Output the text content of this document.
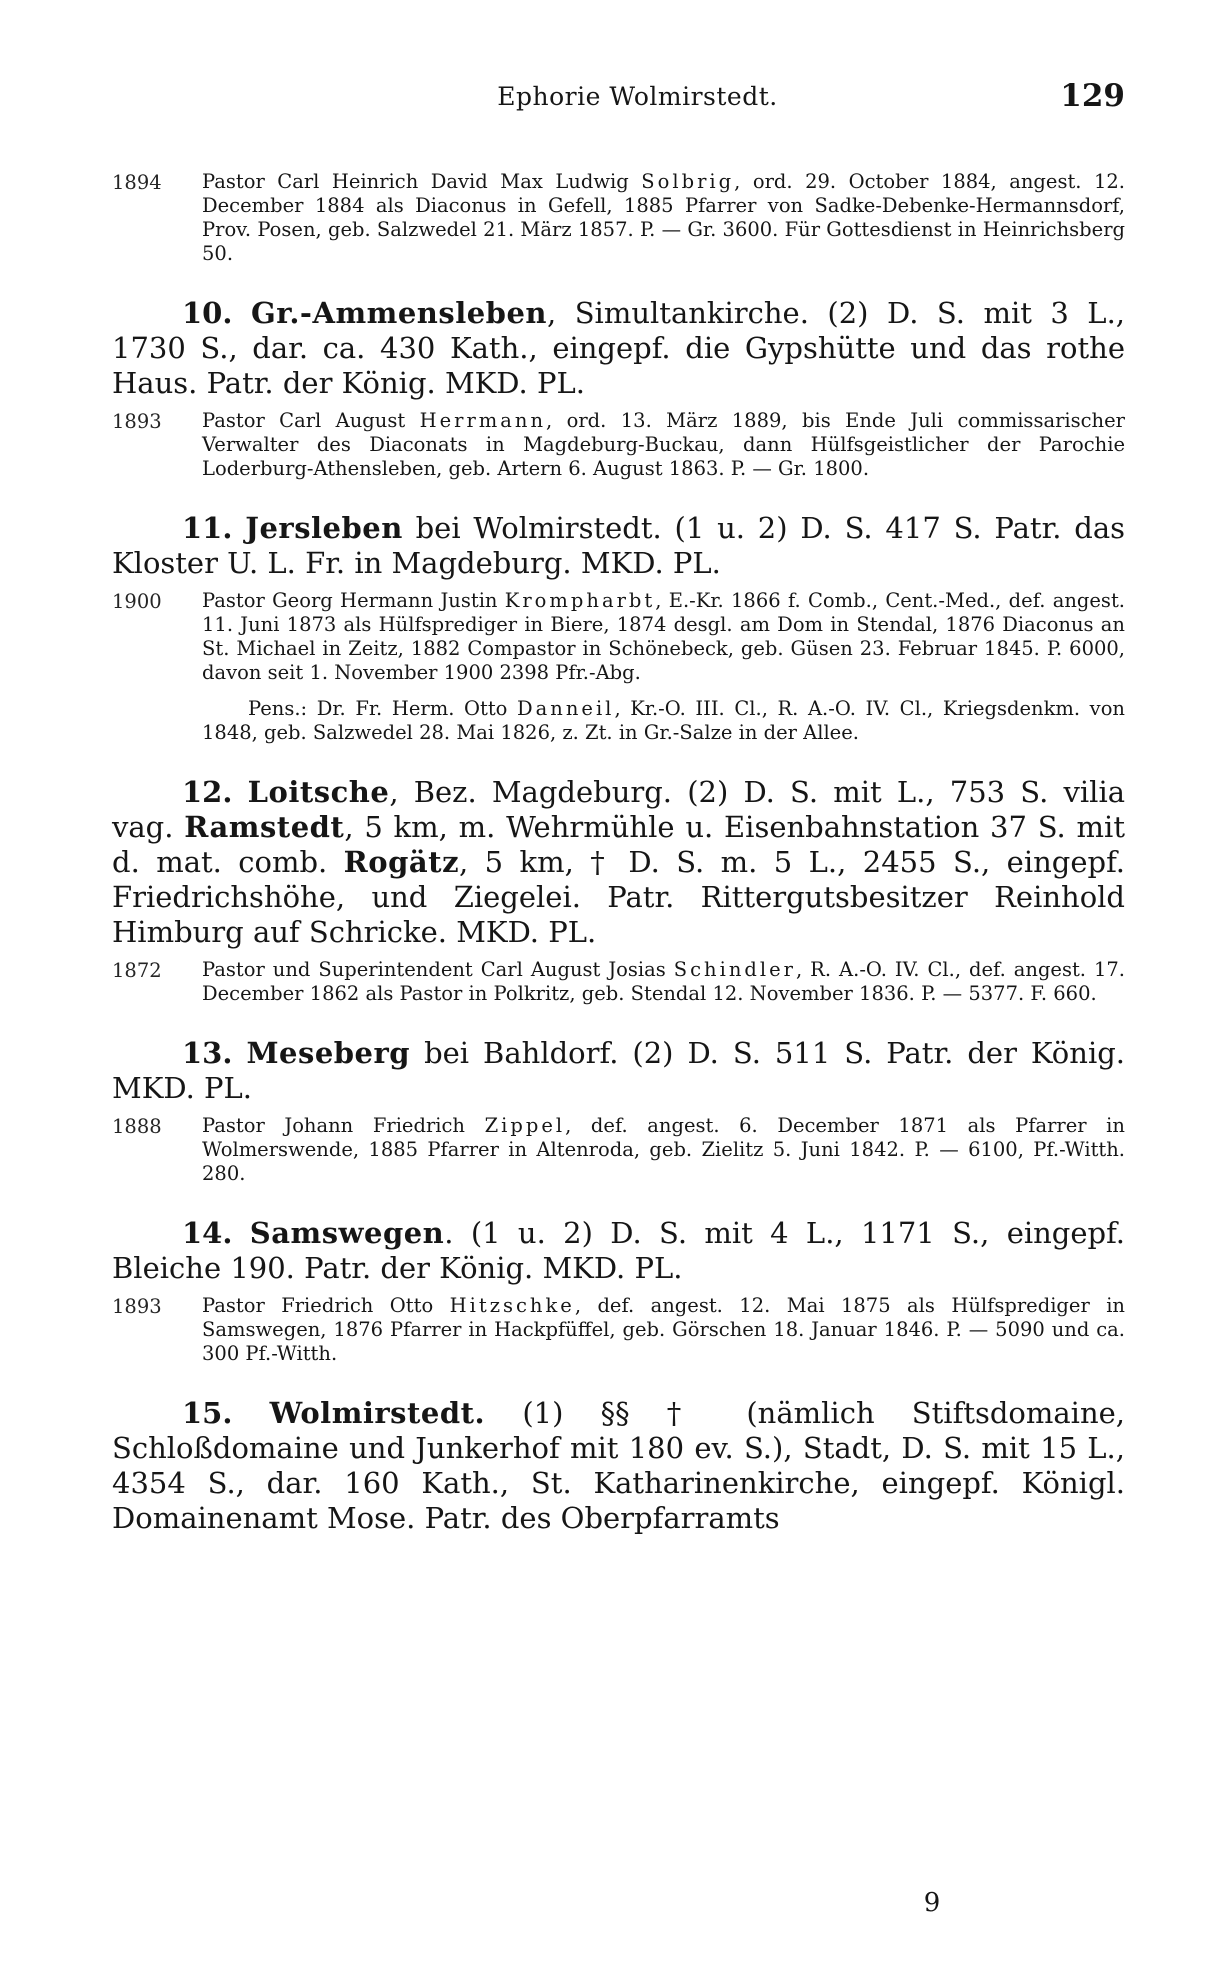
Ephorie Wolmirstedt.	129
1894	Pastor Carl Heinrich David Max Ludwig Solbrig, ord. 29. October 1884, angest. 12. December 1884 als Diaconus in Gefell, 1885 Pfarrer von Sadke-Debenke-Hermannsdorf, Prov. Posen, geb. Salzwedel 21. März 1857. P. — Gr. 3600. Für Gottesdienst in Heinrichsberg 50.
10. Gr.-Ammensleben, Simultankirche. (2) D. S. mit 3 L., 1730 S., dar. ca. 430 Kath., eingepf. die Gypshütte und das rothe Haus. Patr. der König. MKD. PL.
1893	Pastor Carl August Herrmann, ord. 13. März 1889, bis Ende Juli commissarischer Verwalter des Diaconats in Magdeburg-Buckau, dann Hülfsgeistlicher der Parochie Loderburg-Athensleben, geb. Artern 6. August 1863. P. — Gr. 1800.
11. Jersleben bei Wolmirstedt. (1 u. 2) D. S. 417 S. Patr. das Kloster U. L. Fr. in Magdeburg. MKD. PL.
1900	Pastor Georg Hermann Justin Krompharbt, E.-Kr. 1866 f. Comb., Cent.-Med., def. angest. 11. Juni 1873 als Hülfsprediger in Biere, 1874 desgl. am Dom in Stendal, 1876 Diaconus an St. Michael in Zeitz, 1882 Compastor in Schönebeck, geb. Güsen 23. Februar 1845. P. 6000, davon seit 1. November 1900 2398 Pfr.-Abg.
Pens.: Dr. Fr. Herm. Otto Danneil, Kr.-O. III. Cl., R. A.-O. IV. Cl., Kriegsdenkm. von 1848, geb. Salzwedel 28. Mai 1826, z. Zt. in Gr.-Salze in der Allee.
12. Loitsche, Bez. Magdeburg. (2) D. S. mit L., 753 S. vilia vag. Ramstedt, 5 km, m. Wehrmühle u. Eisenbahnstation 37 S. mit d. mat. comb. Rogätz, 5 km, † D. S. m. 5 L., 2455 S., eingepf. Friedrichshöhe, und Ziegelei. Patr. Rittergutsbesitzer Reinhold Himburg auf Schricke. MKD. PL.
1872	Pastor und Superintendent Carl August Josias Schindler, R. A.-O. IV. Cl., def. angest. 17. December 1862 als Pastor in Polkritz, geb. Stendal 12. November 1836. P. — 5377. F. 660.
13. Meseberg bei Bahldorf. (2) D. S. 511 S. Patr. der König. MKD. PL.
1888	Pastor Johann Friedrich Zippel, def. angest. 6. December 1871 als Pfarrer in Wolmerswende, 1885 Pfarrer in Altenroda, geb. Zielitz 5. Juni 1842. P. — 6100, Pf.-Witth. 280.
14. Samswegen. (1 u. 2) D. S. mit 4 L., 1171 S., eingepf. Bleiche 190. Patr. der König. MKD. PL.
1893	Pastor Friedrich Otto Hitzschke, def. angest. 12. Mai 1875 als Hülfsprediger in Samswegen, 1876 Pfarrer in Hackpfüffel, geb. Görschen 18. Januar 1846. P. — 5090 und ca. 300 Pf.-Witth.
15. Wolmirstedt. (1) §§ † (nämlich Stiftsdomaine, Schloßdomaine und Junkerhof mit 180 ev. S.), Stadt, D. S. mit 15 L., 4354 S., dar. 160 Kath., St. Katharinenkirche, eingepf. Königl. Domainenamt Mose. Patr. des Oberpfarramts
9
